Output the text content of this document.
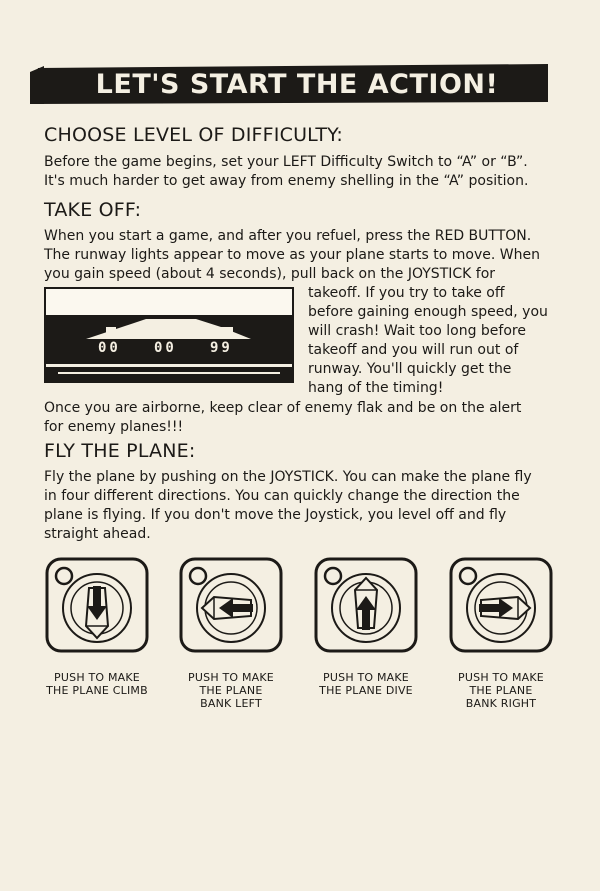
LET'S START THE ACTION!
CHOOSE LEVEL OF DIFFICULTY:

Before the game begins, set your LEFT Difficulty Switch to “A” or “B”.
It's much harder to get away from enemy shelling in the “A” position.

TAKE OFF:

When you start a game, and after you refuel, press the RED BUTTON.
The runway lights appear to move as your plane starts to move. When
you gain speed (about 4 seconds), pull back on the JOYSTICK for

00 00 99

takeoff. If you try to take off
before gaining enough speed, you
will crash! Wait too long before
takeoff and you will run out of
runway. You'll quickly get the
hang of the timing!

Once you are airborne, keep clear of enemy flak and be on the alert
for enemy planes!!!

FLY THE PLANE:

Fly the plane by pushing on the JOYSTICK. You can make the plane fly
in four different directions. You can quickly change the direction the
plane is flying. If you don't move the Joystick, you level off and fly
straight ahead.

PUSH TO MAKE
THE PLANE CLIMB
PUSH TO MAKE
THE PLANE
BANK LEFT
PUSH TO MAKE
THE PLANE DIVE
PUSH TO MAKE
THE PLANE
BANK RIGHT
